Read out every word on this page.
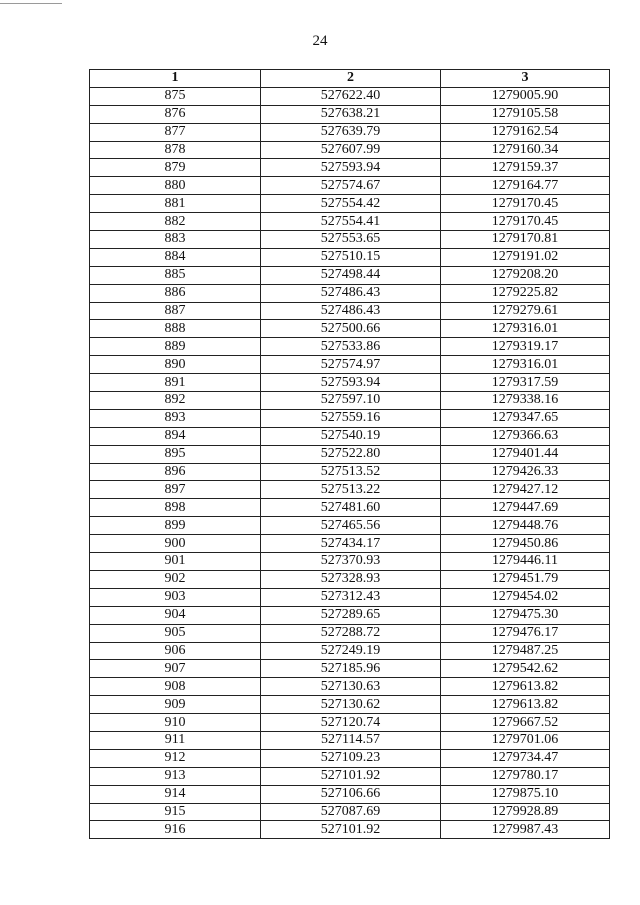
24
1	2	3
875	527622.40	1279005.90
876	527638.21	1279105.58
877	527639.79	1279162.54
878	527607.99	1279160.34
879	527593.94	1279159.37
880	527574.67	1279164.77
881	527554.42	1279170.45
882	527554.41	1279170.45
883	527553.65	1279170.81
884	527510.15	1279191.02
885	527498.44	1279208.20
886	527486.43	1279225.82
887	527486.43	1279279.61
888	527500.66	1279316.01
889	527533.86	1279319.17
890	527574.97	1279316.01
891	527593.94	1279317.59
892	527597.10	1279338.16
893	527559.16	1279347.65
894	527540.19	1279366.63
895	527522.80	1279401.44
896	527513.52	1279426.33
897	527513.22	1279427.12
898	527481.60	1279447.69
899	527465.56	1279448.76
900	527434.17	1279450.86
901	527370.93	1279446.11
902	527328.93	1279451.79
903	527312.43	1279454.02
904	527289.65	1279475.30
905	527288.72	1279476.17
906	527249.19	1279487.25
907	527185.96	1279542.62
908	527130.63	1279613.82
909	527130.62	1279613.82
910	527120.74	1279667.52
911	527114.57	1279701.06
912	527109.23	1279734.47
913	527101.92	1279780.17
914	527106.66	1279875.10
915	527087.69	1279928.89
916	527101.92	1279987.43
